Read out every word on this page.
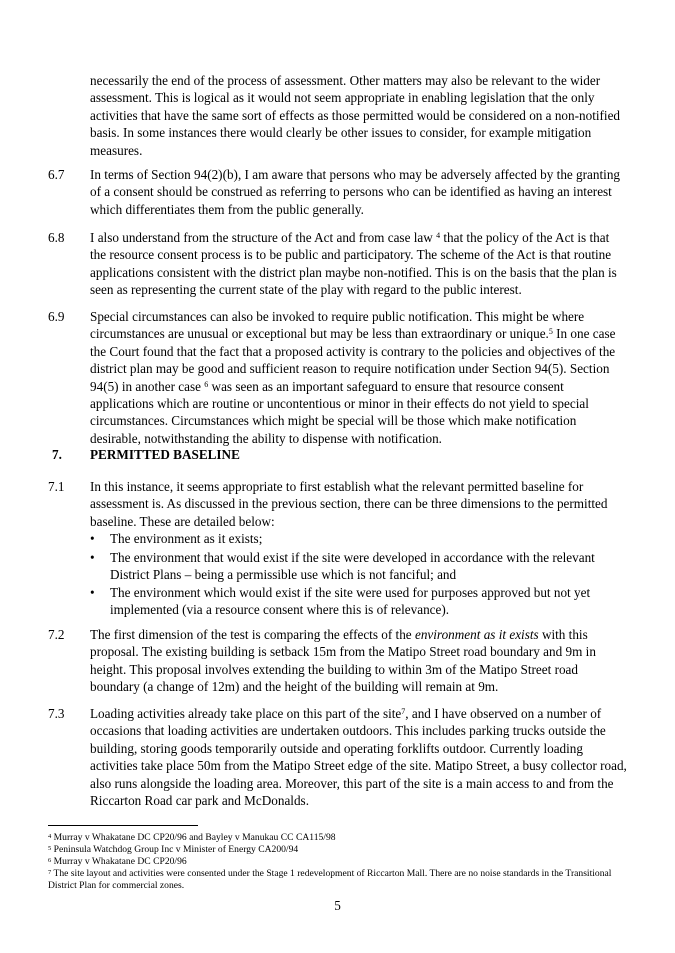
necessarily the end of the process of assessment. Other matters may also be relevant to the wider assessment. This is logical as it would not seem appropriate in enabling legislation that the only activities that have the same sort of effects as those permitted would be considered on a non-notified basis. In some instances there would clearly be other issues to consider, for example mitigation measures.

6.7 In terms of Section 94(2)(b), I am aware that persons who may be adversely affected by the granting of a consent should be construed as referring to persons who can be identified as having an interest which differentiates them from the public generally.
6.8 I also understand from the structure of the Act and from case law $^4$ that the policy of the Act is that the resource consent process is to be public and participatory. The scheme of the Act is that routine applications consistent with the district plan maybe non-notified. This is on the basis that the plan is seen as representing the current state of the play with regard to the public interest.
6.9 Special circumstances can also be invoked to require public notification. This might be where circumstances are unusual or exceptional but may be less than extraordinary or unique.$^5$ In one case the Court found that the fact that a proposed activity is contrary to the policies and objectives of the district plan may be good and sufficient reason to require notification under Section 94(5). Section 94(5) in another case $^6$ was seen as an important safeguard to ensure that resource consent applications which are routine or uncontentious or minor in their effects do not yield to special circumstances. Circumstances which might be special will be those which make notification desirable, notwithstanding the ability to dispense with notification.
7. PERMITTED BASELINE
7.1 In this instance, it seems appropriate to first establish what the relevant permitted baseline for assessment is. As discussed in the previous section, there can be three dimensions to the permitted baseline. These are detailed below:
• The environment as it exists;
• The environment that would exist if the site were developed in accordance with the relevant District Plans – being a permissible use which is not fanciful; and
• The environment which would exist if the site were used for purposes approved but not yet implemented (via a resource consent where this is of relevance).
7.2 The first dimension of the test is comparing the effects of the environment as it exists with this proposal. The existing building is setback 15m from the Matipo Street road boundary and 9m in height. This proposal involves extending the building to within 3m of the Matipo Street road boundary (a change of 12m) and the height of the building will remain at 9m.
7.3 Loading activities already take place on this part of the site$^7$, and I have observed on a number of occasions that loading activities are undertaken outdoors. This includes parking trucks outside the building, storing goods temporarily outside and operating forklifts outdoor. Currently loading activities take place 50m from the Matipo Street edge of the site. Matipo Street, a busy collector road, also runs alongside the loading area. Moreover, this part of the site is a main access to and from the Riccarton Road car park and McDonalds.
$^4$ Murray v Whakatane DC CP20/96 and Bayley v Manukau CC CA115/98
$^5$ Peninsula Watchdog Group Inc v Minister of Energy CA200/94
$^6$ Murray v Whakatane DC CP20/96
$^7$ The site layout and activities were consented under the Stage 1 redevelopment of Riccarton Mall. There are no noise standards in the Transitional District Plan for commercial zones.
5
